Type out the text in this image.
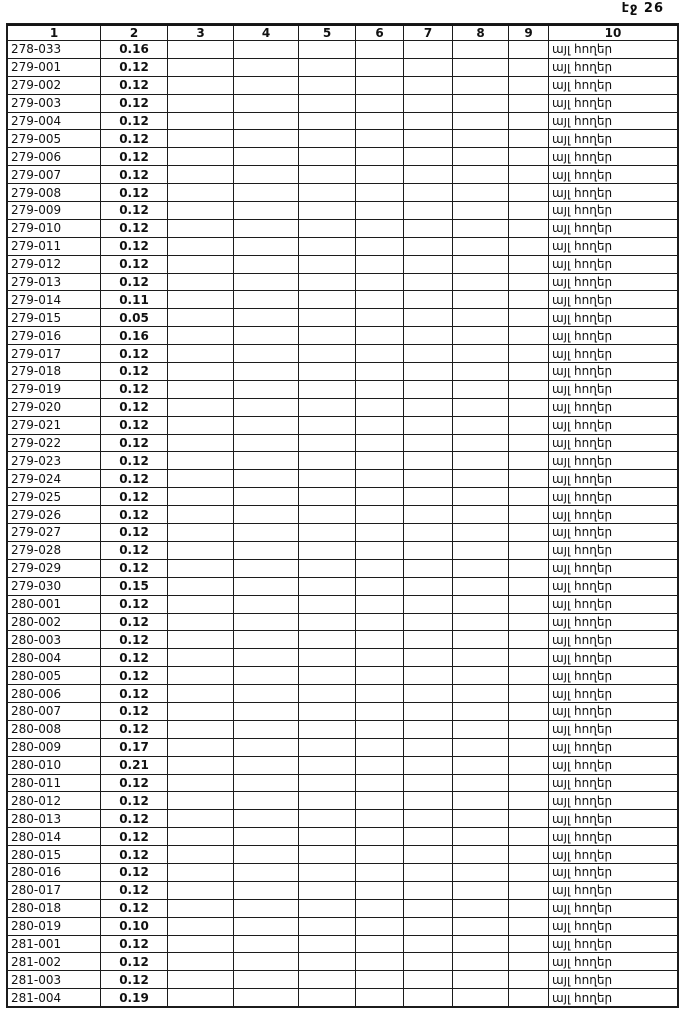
էջ 26
1	2	3	4	5	6	7	8	9	10
278-033	0.16								այլ հողեր
279-001	0.12								այլ հողեր
279-002	0.12								այլ հողեր
279-003	0.12								այլ հողեր
279-004	0.12								այլ հողեր
279-005	0.12								այլ հողեր
279-006	0.12								այլ հողեր
279-007	0.12								այլ հողեր
279-008	0.12								այլ հողեր
279-009	0.12								այլ հողեր
279-010	0.12								այլ հողեր
279-011	0.12								այլ հողեր
279-012	0.12								այլ հողեր
279-013	0.12								այլ հողեր
279-014	0.11								այլ հողեր
279-015	0.05								այլ հողեր
279-016	0.16								այլ հողեր
279-017	0.12								այլ հողեր
279-018	0.12								այլ հողեր
279-019	0.12								այլ հողեր
279-020	0.12								այլ հողեր
279-021	0.12								այլ հողեր
279-022	0.12								այլ հողեր
279-023	0.12								այլ հողեր
279-024	0.12								այլ հողեր
279-025	0.12								այլ հողեր
279-026	0.12								այլ հողեր
279-027	0.12								այլ հողեր
279-028	0.12								այլ հողեր
279-029	0.12								այլ հողեր
279-030	0.15								այլ հողեր
280-001	0.12								այլ հողեր
280-002	0.12								այլ հողեր
280-003	0.12								այլ հողեր
280-004	0.12								այլ հողեր
280-005	0.12								այլ հողեր
280-006	0.12								այլ հողեր
280-007	0.12								այլ հողեր
280-008	0.12								այլ հողեր
280-009	0.17								այլ հողեր
280-010	0.21								այլ հողեր
280-011	0.12								այլ հողեր
280-012	0.12								այլ հողեր
280-013	0.12								այլ հողեր
280-014	0.12								այլ հողեր
280-015	0.12								այլ հողեր
280-016	0.12								այլ հողեր
280-017	0.12								այլ հողեր
280-018	0.12								այլ հողեր
280-019	0.10								այլ հողեր
281-001	0.12								այլ հողեր
281-002	0.12								այլ հողեր
281-003	0.12								այլ հողեր
281-004	0.19								այլ հողեր
